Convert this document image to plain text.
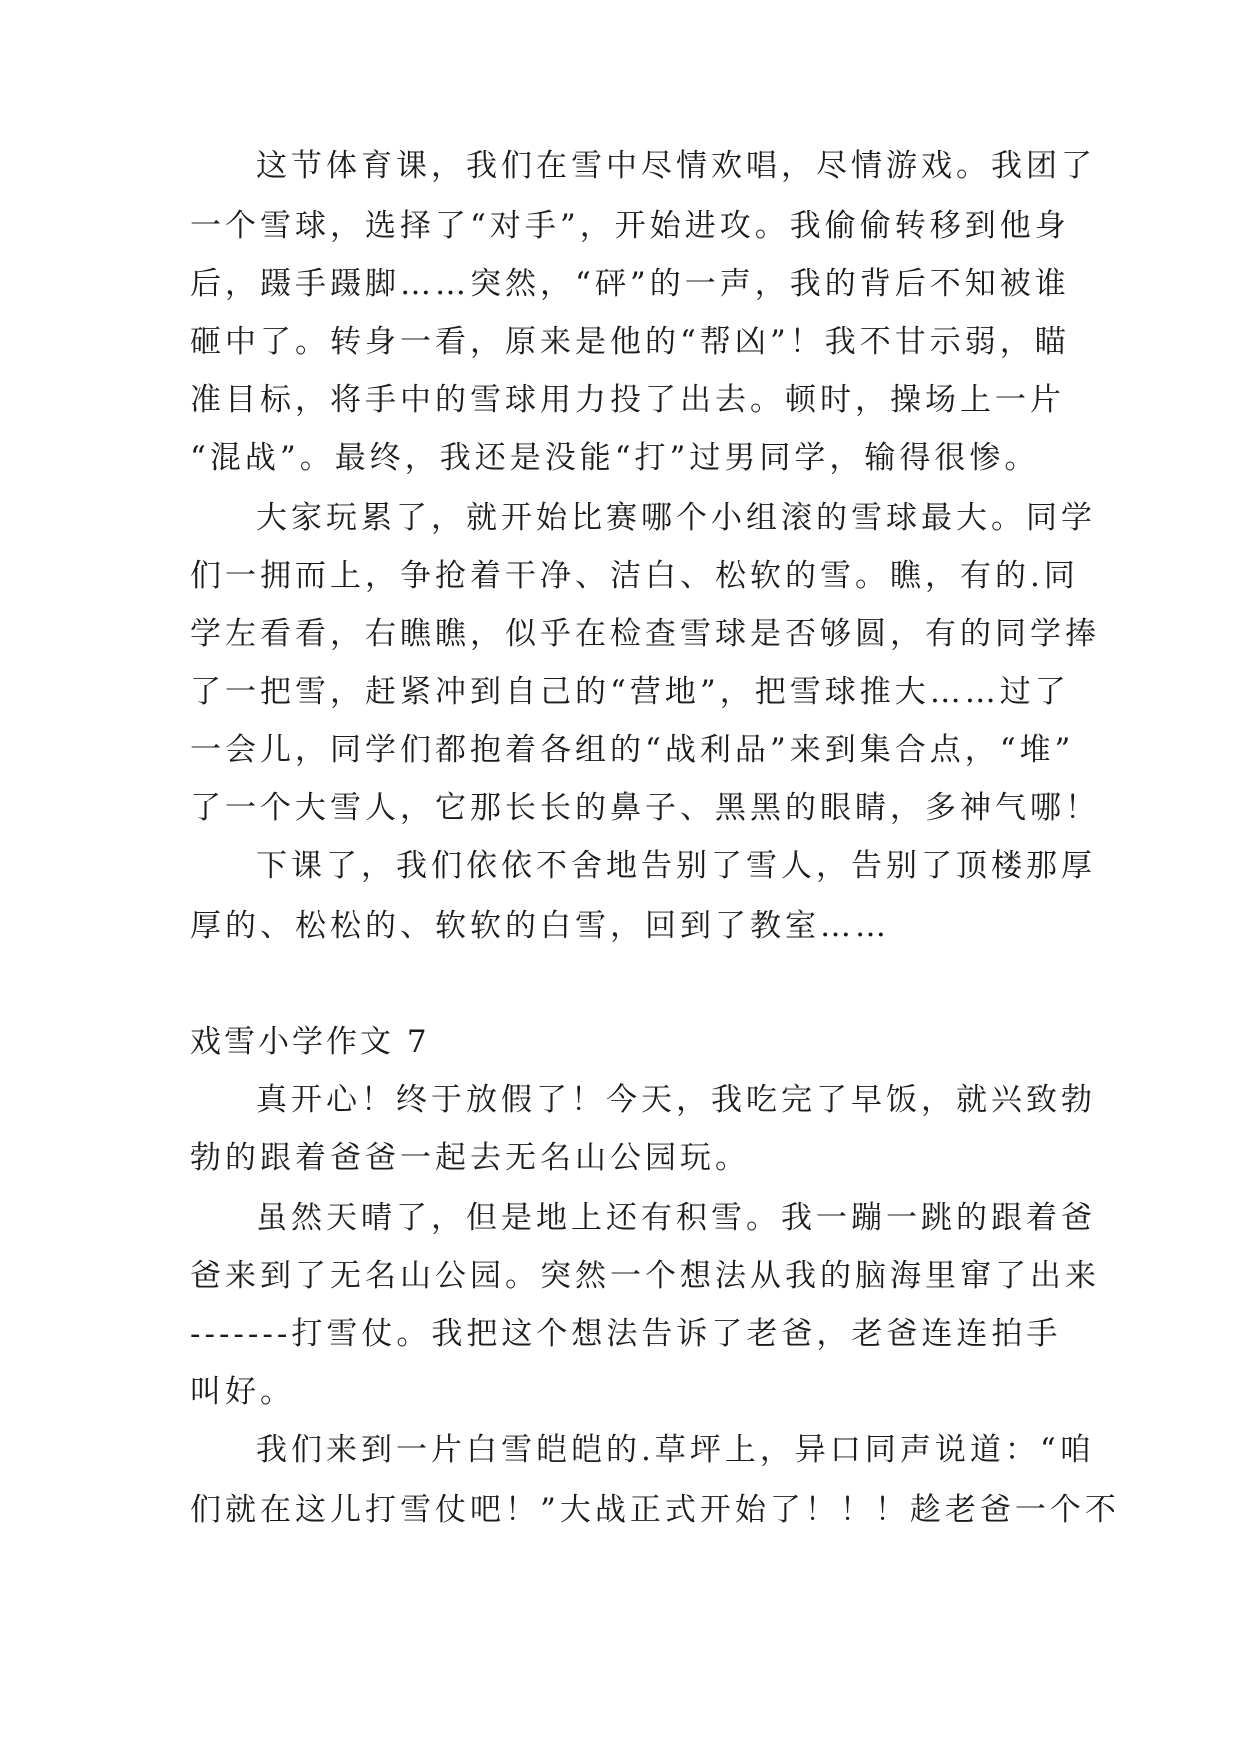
这节体育课，我们在雪中尽情欢唱，尽情游戏。我团了
一个雪球，选择了“对手”，开始进攻。我偷偷转移到他身
后，蹑手蹑脚……突然，“砰”的一声，我的背后不知被谁
砸中了。转身一看，原来是他的“帮凶”！我不甘示弱，瞄
准目标，将手中的雪球用力投了出去。顿时，操场上一片
“混战”。最终，我还是没能“打”过男同学，输得很惨。
大家玩累了，就开始比赛哪个小组滚的雪球最大。同学
们一拥而上，争抢着干净、洁白、松软的雪。瞧，有的.同
学左看看，右瞧瞧，似乎在检查雪球是否够圆，有的同学捧
了一把雪，赶紧冲到自己的“营地”，把雪球推大……过了
一会儿，同学们都抱着各组的“战利品”来到集合点，“堆”
了一个大雪人，它那长长的鼻子、黑黑的眼睛，多神气哪！
下课了，我们依依不舍地告别了雪人，告别了顶楼那厚
厚的、松松的、软软的白雪，回到了教室……
戏雪小学作文 7
真开心！终于放假了！今天，我吃完了早饭，就兴致勃
勃的跟着爸爸一起去无名山公园玩。
虽然天晴了，但是地上还有积雪。我一蹦一跳的跟着爸
爸来到了无名山公园。突然一个想法从我的脑海里窜了出来
-------打雪仗。我把这个想法告诉了老爸，老爸连连拍手
叫好。
我们来到一片白雪皑皑的.草坪上，异口同声说道：“咱
们就在这儿打雪仗吧！”大战正式开始了！！！趁老爸一个不
